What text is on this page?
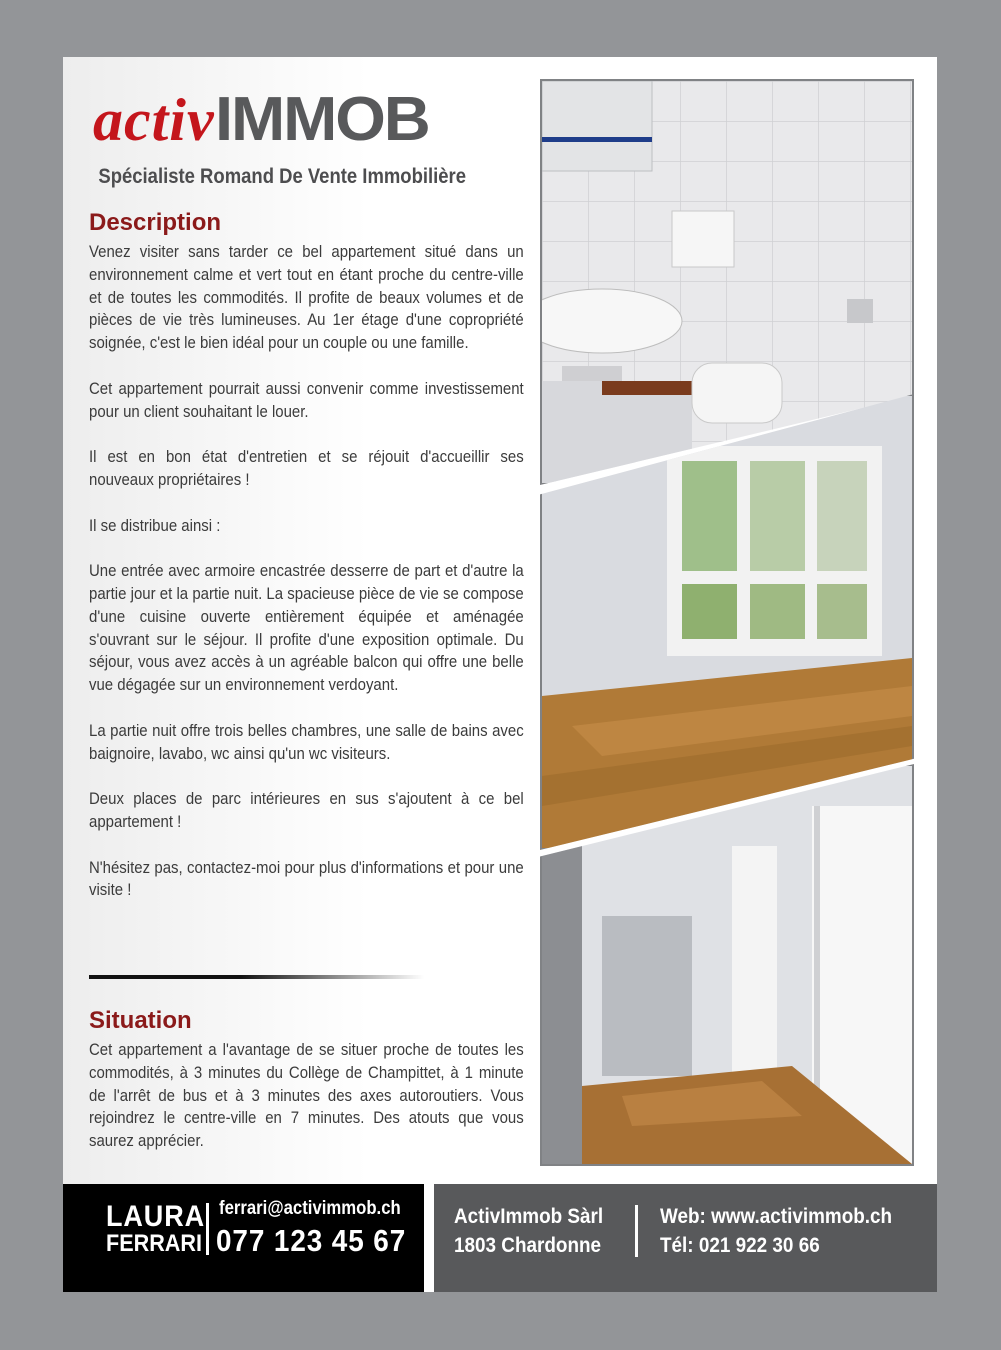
activIMMOB
Spécialiste Romand De Vente Immobilière
Description

Venez visiter sans tarder ce bel appartement situé dans un environnement calme et vert tout en étant proche du centre-ville et de toutes les commodités. Il profite de beaux volumes et de pièces de vie très lumineuses. Au 1er étage d'une copropriété soignée, c'est le bien idéal pour un couple ou une famille.

Cet appartement pourrait aussi convenir comme investissement pour un client souhaitant le louer.

Il est en bon état d'entretien et se réjouit d'accueillir ses nouveaux propriétaires !

Il se distribue ainsi :

Une entrée avec armoire encastrée desserre de part et d'autre la partie jour et la partie nuit. La spacieuse pièce de vie se compose d'une cuisine ouverte entièrement équipée et aménagée s'ouvrant sur le séjour. Il profite d'une exposition optimale. Du séjour, vous avez accès à un agréable balcon qui offre une belle vue dégagée sur un environnement verdoyant.

La partie nuit offre trois belles chambres, une salle de bains avec baignoire, lavabo, wc ainsi qu'un wc visiteurs.

Deux places de parc intérieures en sus s'ajoutent à ce bel appartement !

N'hésitez pas, contactez-moi pour plus d'informations et pour une visite !

Situation

Cet appartement a l'avantage de se situer proche de toutes les commodités, à 3 minutes du Collège de Champittet, à 1 minute de l'arrêt de bus et à 3 minutes des axes autoroutiers. Vous rejoindrez le centre-ville en 7 minutes. Des atouts que vous saurez apprécier.

LAURA
FERRARI
ferrari@activimmob.ch
077 123 45 67
ActivImmob Sàrl
1803 Chardonne
Web: www.activimmob.ch
Tél: 021 922 30 66
